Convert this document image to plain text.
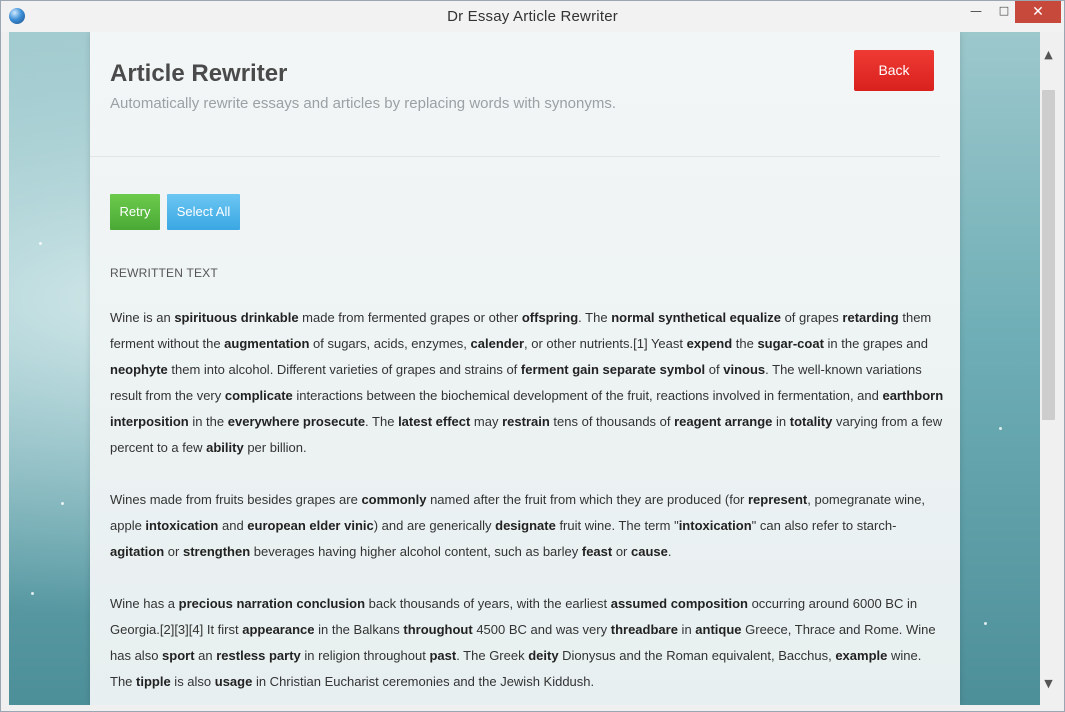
Dr Essay Article Rewriter	—	□	✕
Article Rewriter
Automatically rewrite essays and articles by replacing words with synonyms.
Back
Retry	Select All
REWRITTEN TEXT

Wine is an spirituous drinkable made from fermented grapes or other offspring. The normal synthetical equalize of grapes retarding them ferment without the augmentation of sugars, acids, enzymes, calender, or other nutrients.[1] Yeast expend the sugar-coat in the grapes and neophyte them into alcohol. Different varieties of grapes and strains of ferment gain separate symbol of vinous. The well-known variations result from the very complicate interactions between the biochemical development of the fruit, reactions involved in fermentation, and earthborn interposition in the everywhere prosecute. The latest effect may restrain tens of thousands of reagent arrange in totality varying from a few percent to a few ability per billion.

Wines made from fruits besides grapes are commonly named after the fruit from which they are produced (for represent, pomegranate wine, apple intoxication and european elder vinic) and are generically designate fruit wine. The term "intoxication" can also refer to starch-agitation or strengthen beverages having higher alcohol content, such as barley feast or cause.

Wine has a precious narration conclusion back thousands of years, with the earliest assumed composition occurring around 6000 BC in Georgia.[2][3][4] It first appearance in the Balkans throughout 4500 BC and was very threadbare in antique Greece, Thrace and Rome. Wine has also sport an restless party in religion throughout past. The Greek deity Dionysus and the Roman equivalent, Bacchus, example wine. The tipple is also usage in Christian Eucharist ceremonies and the Jewish Kiddush.

▲
▼
